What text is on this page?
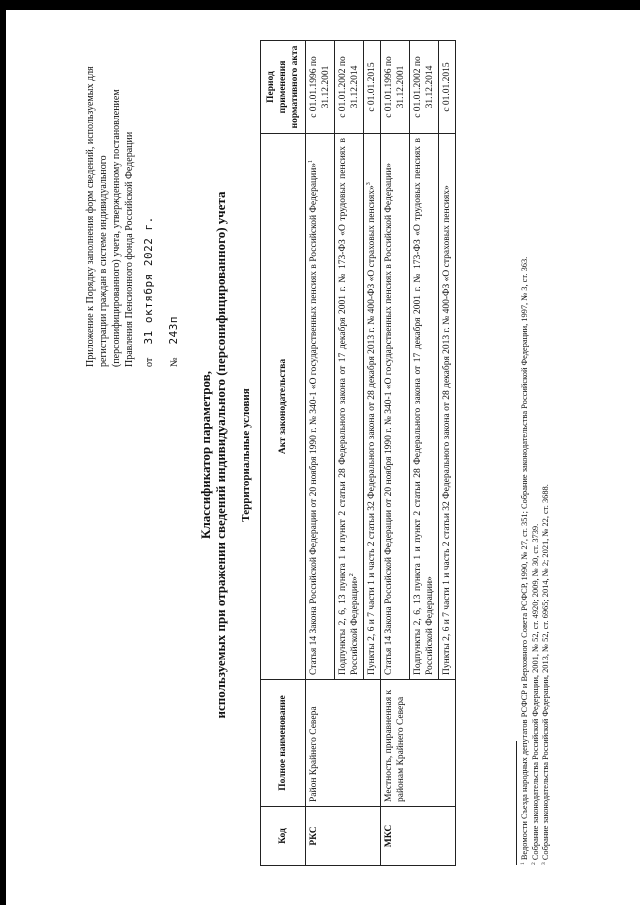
Приложение к Порядку заполнения форм сведений, используемых для регистрации граждан в системе индивидуального (персонифицированного) учета, утвержденному постановлением Правления Пенсионного фонда Российской Федерации от 31 октября 2022 г.
№ 243п
Классификатор параметров, используемых при отражении сведений индивидуального (персонифицированного) учета Территориальные условия
Код	Полное наименование	Акт законодательства	Период применения нормативного акта
РКС	Район Крайнего Севера	Статья 14 Закона Российской Федерации от 20 ноября 1990 г. № 340-1 «О государственных пенсиях в Российской Федерации»$^1$	с 01.01.1996 по 31.12.2001
		Подпункты 2, 6, 13 пункта 1 и пункт 2 статьи 28 Федерального закона от 17 декабря 2001 г. № 173-ФЗ «О трудовых пенсиях в Российской Федерации»$^2$	с 01.01.2002 по 31.12.2014
		Пункты 2, 6 и 7 части 1 и часть 2 статьи 32 Федерального закона от 28 декабря 2013 г. № 400-ФЗ «О страховых пенсиях»$^3$	с 01.01.2015
МКС	Местность, приравненная к районам Крайнего Севера	Статья 14 Закона Российской Федерации от 20 ноября 1990 г. № 340-1 «О государственных пенсиях в Российской Федерации»	с 01.01.1996 по 31.12.2001
		Подпункты 2, 6, 13 пункта 1 и пункт 2 статьи 28 Федерального закона от 17 декабря 2001 г. № 173-ФЗ «О трудовых пенсиях в Российской Федерации»	с 01.01.2002 по 31.12.2014
		Пункты 2, 6 и 7 части 1 и часть 2 статьи 32 Федерального закона от 28 декабря 2013 г. № 400-ФЗ «О страховых пенсиях»	с 01.01.2015
$^1$ Ведомости Съезда народных депутатов РСФСР и Верховного Совета РСФСР, 1990, № 27, ст. 351; Собрание законодательства Российской Федерации, 1997, № 3, ст. 363.
$^2$ Собрание законодательства Российской Федерации, 2001, № 52, ст. 4920; 2009, № 30, ст. 3739.
$^3$ Собрание законодательства Российской Федерации, 2013, № 52, ст. 6965; 2014, № 2; 2021, № 22, ст. 3688.
